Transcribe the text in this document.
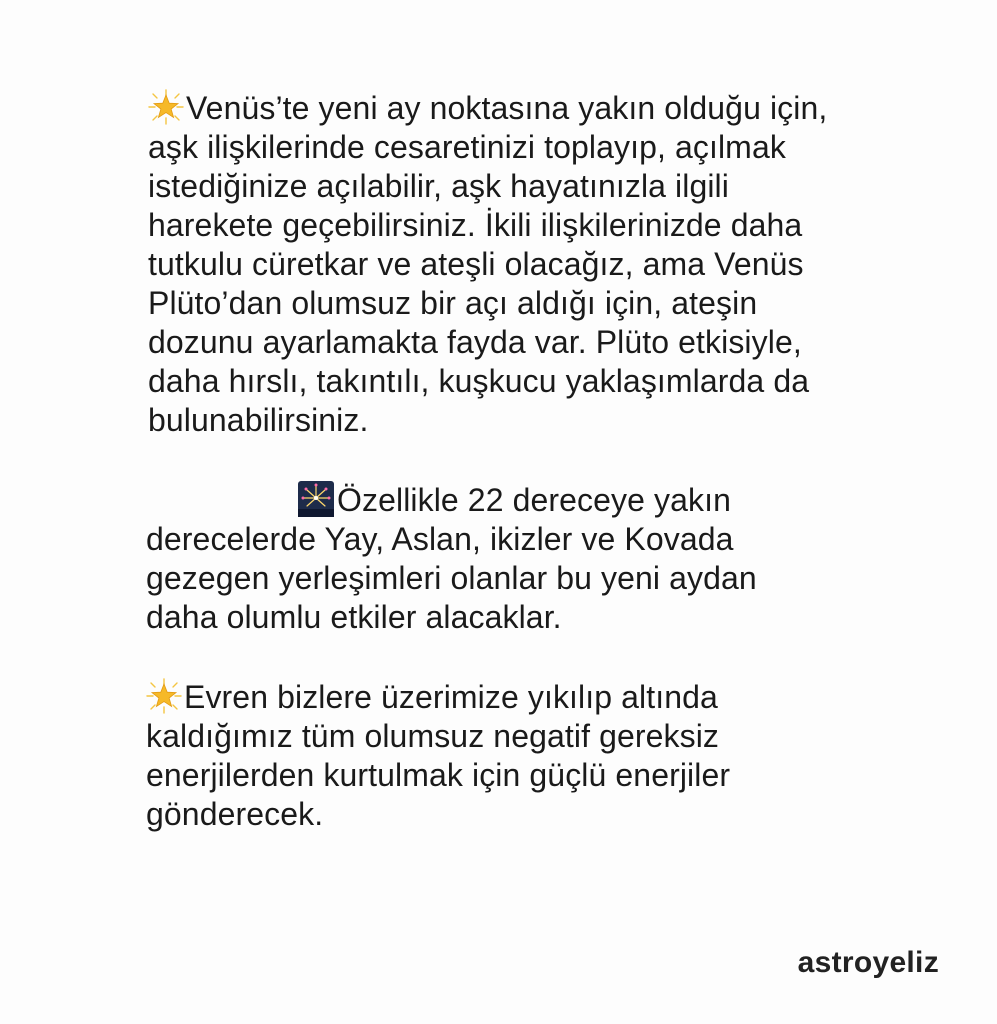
Venüs’te yeni ay noktasına yakın olduğu için,
aşk ilişkilerinde cesaretinizi toplayıp, açılmak
istediğinize açılabilir, aşk hayatınızla ilgili
harekete geçebilirsiniz. İkili ilişkilerinizde daha
tutkulu cüretkar ve ateşli olacağız, ama Venüs
Plüto’dan olumsuz bir açı aldığı için, ateşin
dozunu ayarlamakta fayda var. Plüto etkisiyle,
daha hırslı, takıntılı, kuşkucu yaklaşımlarda da
bulunabilirsiniz.

Özellikle 22 dereceye yakın
derecelerde Yay, Aslan, ikizler ve Kovada
gezegen yerleşimleri olanlar bu yeni aydan
daha olumlu etkiler alacaklar.

Evren bizlere üzerimize yıkılıp altında
kaldığımız tüm olumsuz negatif gereksiz
enerjilerden kurtulmak için güçlü enerjiler
gönderecek.

astroyeliz
